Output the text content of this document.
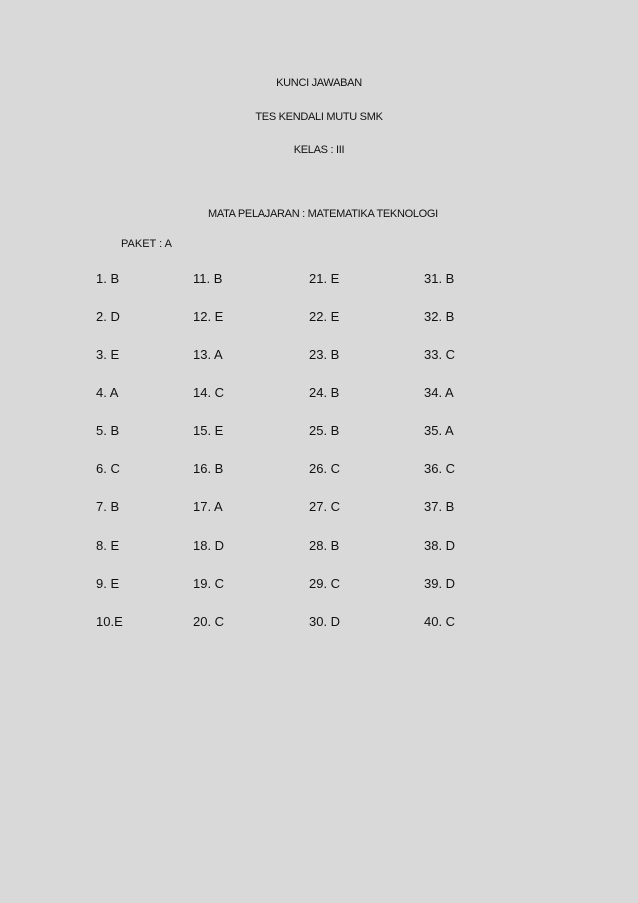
KUNCI JAWABAN
TES KENDALI MUTU SMK
KELAS : III
MATA PELAJARAN : MATEMATIKA TEKNOLOGI
PAKET : A
1. B
2. D
3. E
4. A
5. B
6. C
7. B
8. E
9. E
10.E
11. B
12. E
13. A
14. C
15. E
16. B
17. A
18. D
19. C
20. C
21. E
22. E
23. B
24. B
25. B
26. C
27. C
28. B
29. C
30. D
31. B
32. B
33. C
34. A
35. A
36. C
37. B
38. D
39. D
40. C
